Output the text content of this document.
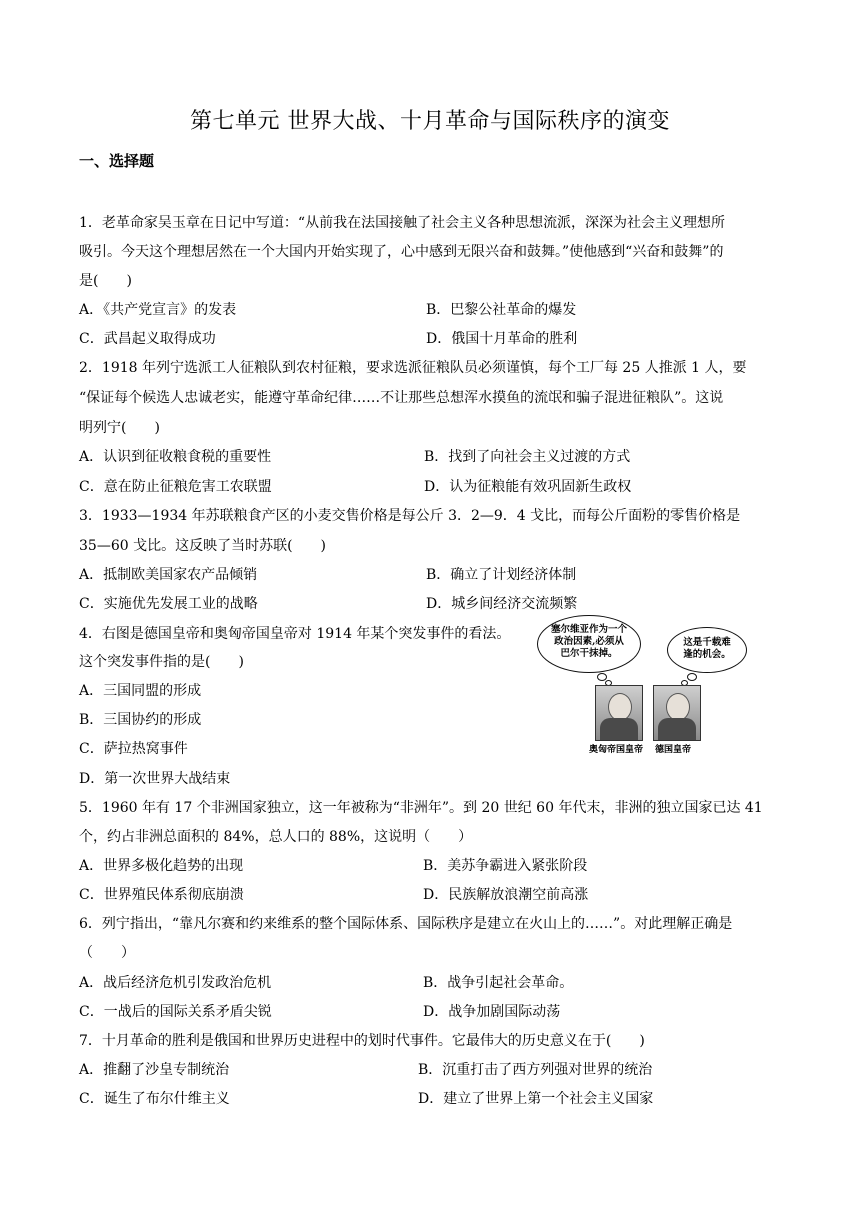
第七单元 世界大战、十月革命与国际秩序的演变
一、选择题
1．老革命家吴玉章在日记中写道：“从前我在法国接触了社会主义各种思想流派，深深为社会主义理想所
吸引。今天这个理想居然在一个大国内开始实现了，心中感到无限兴奋和鼓舞。”使他感到“兴奋和鼓舞”的
是(　　)
A．《共产党宣言》的发表	B．巴黎公社革命的爆发
C．武昌起义取得成功	D．俄国十月革命的胜利
2．1918 年列宁选派工人征粮队到农村征粮，要求选派征粮队员必须谨慎，每个工厂每 25 人推派 1 人，要
“保证每个候选人忠诚老实，能遵守革命纪律……不让那些总想浑水摸鱼的流氓和骗子混进征粮队”。这说
明列宁(　　)
A．认识到征收粮食税的重要性	B．找到了向社会主义过渡的方式
C．意在防止征粮危害工农联盟	D．认为征粮能有效巩固新生政权
3．1933—1934 年苏联粮食产区的小麦交售价格是每公斤 3．2—9．4 戈比，而每公斤面粉的零售价格是
35—60 戈比。这反映了当时苏联(　　)
A．抵制欧美国家农产品倾销	B．确立了计划经济体制
C．实施优先发展工业的战略	D．城乡间经济交流频繁
4．右图是德国皇帝和奥匈帝国皇帝对 1914 年某个突发事件的看法。
这个突发事件指的是(　　)
A．三国同盟的形成
B．三国协约的形成
C．萨拉热窝事件
D．第一次世界大战结束
塞尔维亚作为一个
政治因素,必须从
巴尔干抹掉。
这是千载难
逢的机会。
奥匈帝国皇帝 德国皇帝
5．1960 年有 17 个非洲国家独立，这一年被称为“非洲年”。到 20 世纪 60 年代末，非洲的独立国家已达 41
个，约占非洲总面积的 84%，总人口的 88%，这说明（　　）
A．世界多极化趋势的出现	B．美苏争霸进入紧张阶段
C．世界殖民体系彻底崩溃	D．民族解放浪潮空前高涨
6．列宁指出，“靠凡尔赛和约来维系的整个国际体系、国际秩序是建立在火山上的……”。对此理解正确是
（　　）
A．战后经济危机引发政治危机	B．战争引起社会革命。
C．一战后的国际关系矛盾尖锐	D．战争加剧国际动荡
7．十月革命的胜利是俄国和世界历史进程中的划时代事件。它最伟大的历史意义在于(　　)
A．推翻了沙皇专制统治	B．沉重打击了西方列强对世界的统治
C．诞生了布尔什维主义	D．建立了世界上第一个社会主义国家
